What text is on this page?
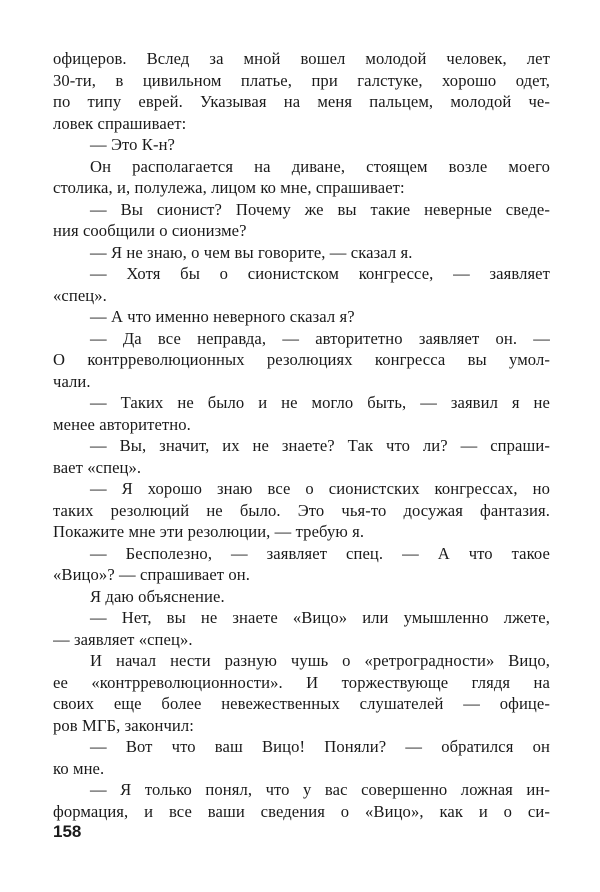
офицеров. Вслед за мной вошел молодой человек, лет
30-ти, в цивильном платье, при галстуке, хорошо одет,
по типу еврей. Указывая на меня пальцем, молодой че-
ловек спрашивает:
— Это К-н?
Он располагается на диване, стоящем возле моего
столика, и, полулежа, лицом ко мне, спрашивает:
— Вы сионист? Почему же вы такие неверные сведе-
ния сообщили о сионизме?
— Я не знаю, о чем вы говорите, — сказал я.
— Хотя бы о сионистском конгрессе, — заявляет
«спец».
— А что именно неверного сказал я?
— Да все неправда, — авторитетно заявляет он. —
О контрреволюционных резолюциях конгресса вы умол-
чали.
— Таких не было и не могло быть, — заявил я не
менее авторитетно.
— Вы, значит, их не знаете? Так что ли? — спраши-
вает «спец».
— Я хорошо знаю все о сионистских конгрессах, но
таких резолюций не было. Это чья-то досужая фантазия.
Покажите мне эти резолюции, — требую я.
— Бесполезно, — заявляет спец. — А что такое
«Вицо»? — спрашивает он.
Я даю объяснение.
— Нет, вы не знаете «Вицо» или умышленно лжете,
— заявляет «спец».
И начал нести разную чушь о «ретроградности» Вицо,
ее «контрреволюционности». И торжествующе глядя на
своих еще более невежественных слушателей — офице-
ров МГБ, закончил:
— Вот что ваш Вицо! Поняли? — обратился он
ко мне.
— Я только понял, что у вас совершенно ложная ин-
формация, и все ваши сведения о «Вицо», как и о си-
158
